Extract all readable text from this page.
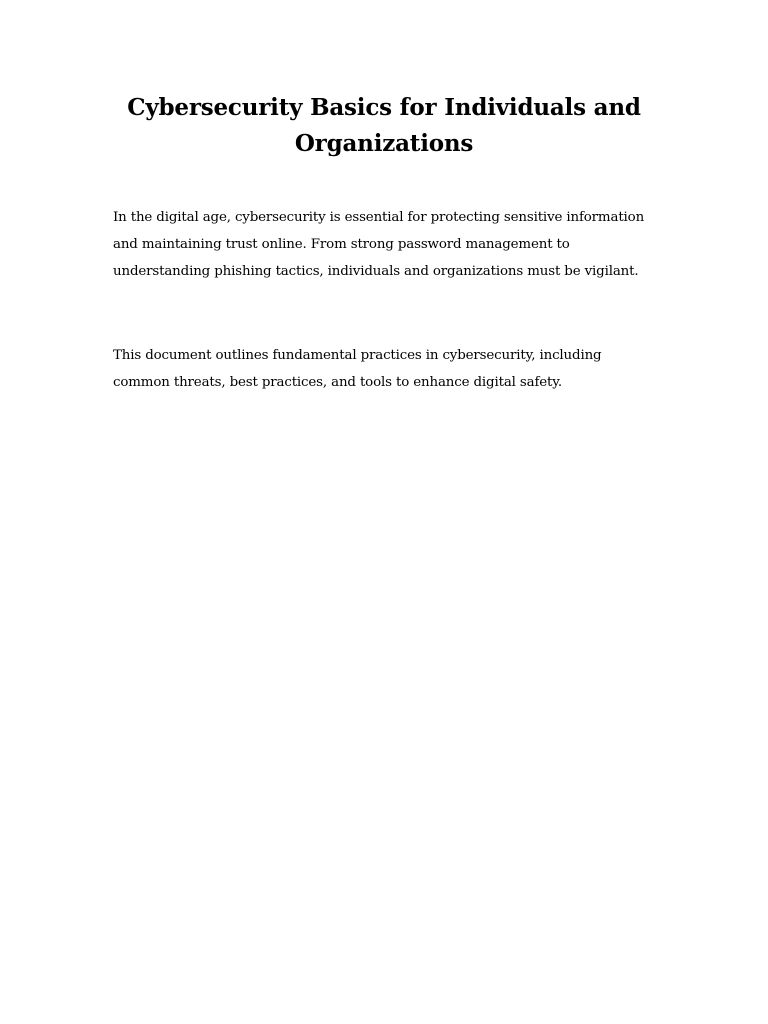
Cybersecurity Basics for Individuals and Organizations

In the digital age, cybersecurity is essential for protecting sensitive information and maintaining trust online. From strong password management to understanding phishing tactics, individuals and organizations must be vigilant.

This document outlines fundamental practices in cybersecurity, including common threats, best practices, and tools to enhance digital safety.
